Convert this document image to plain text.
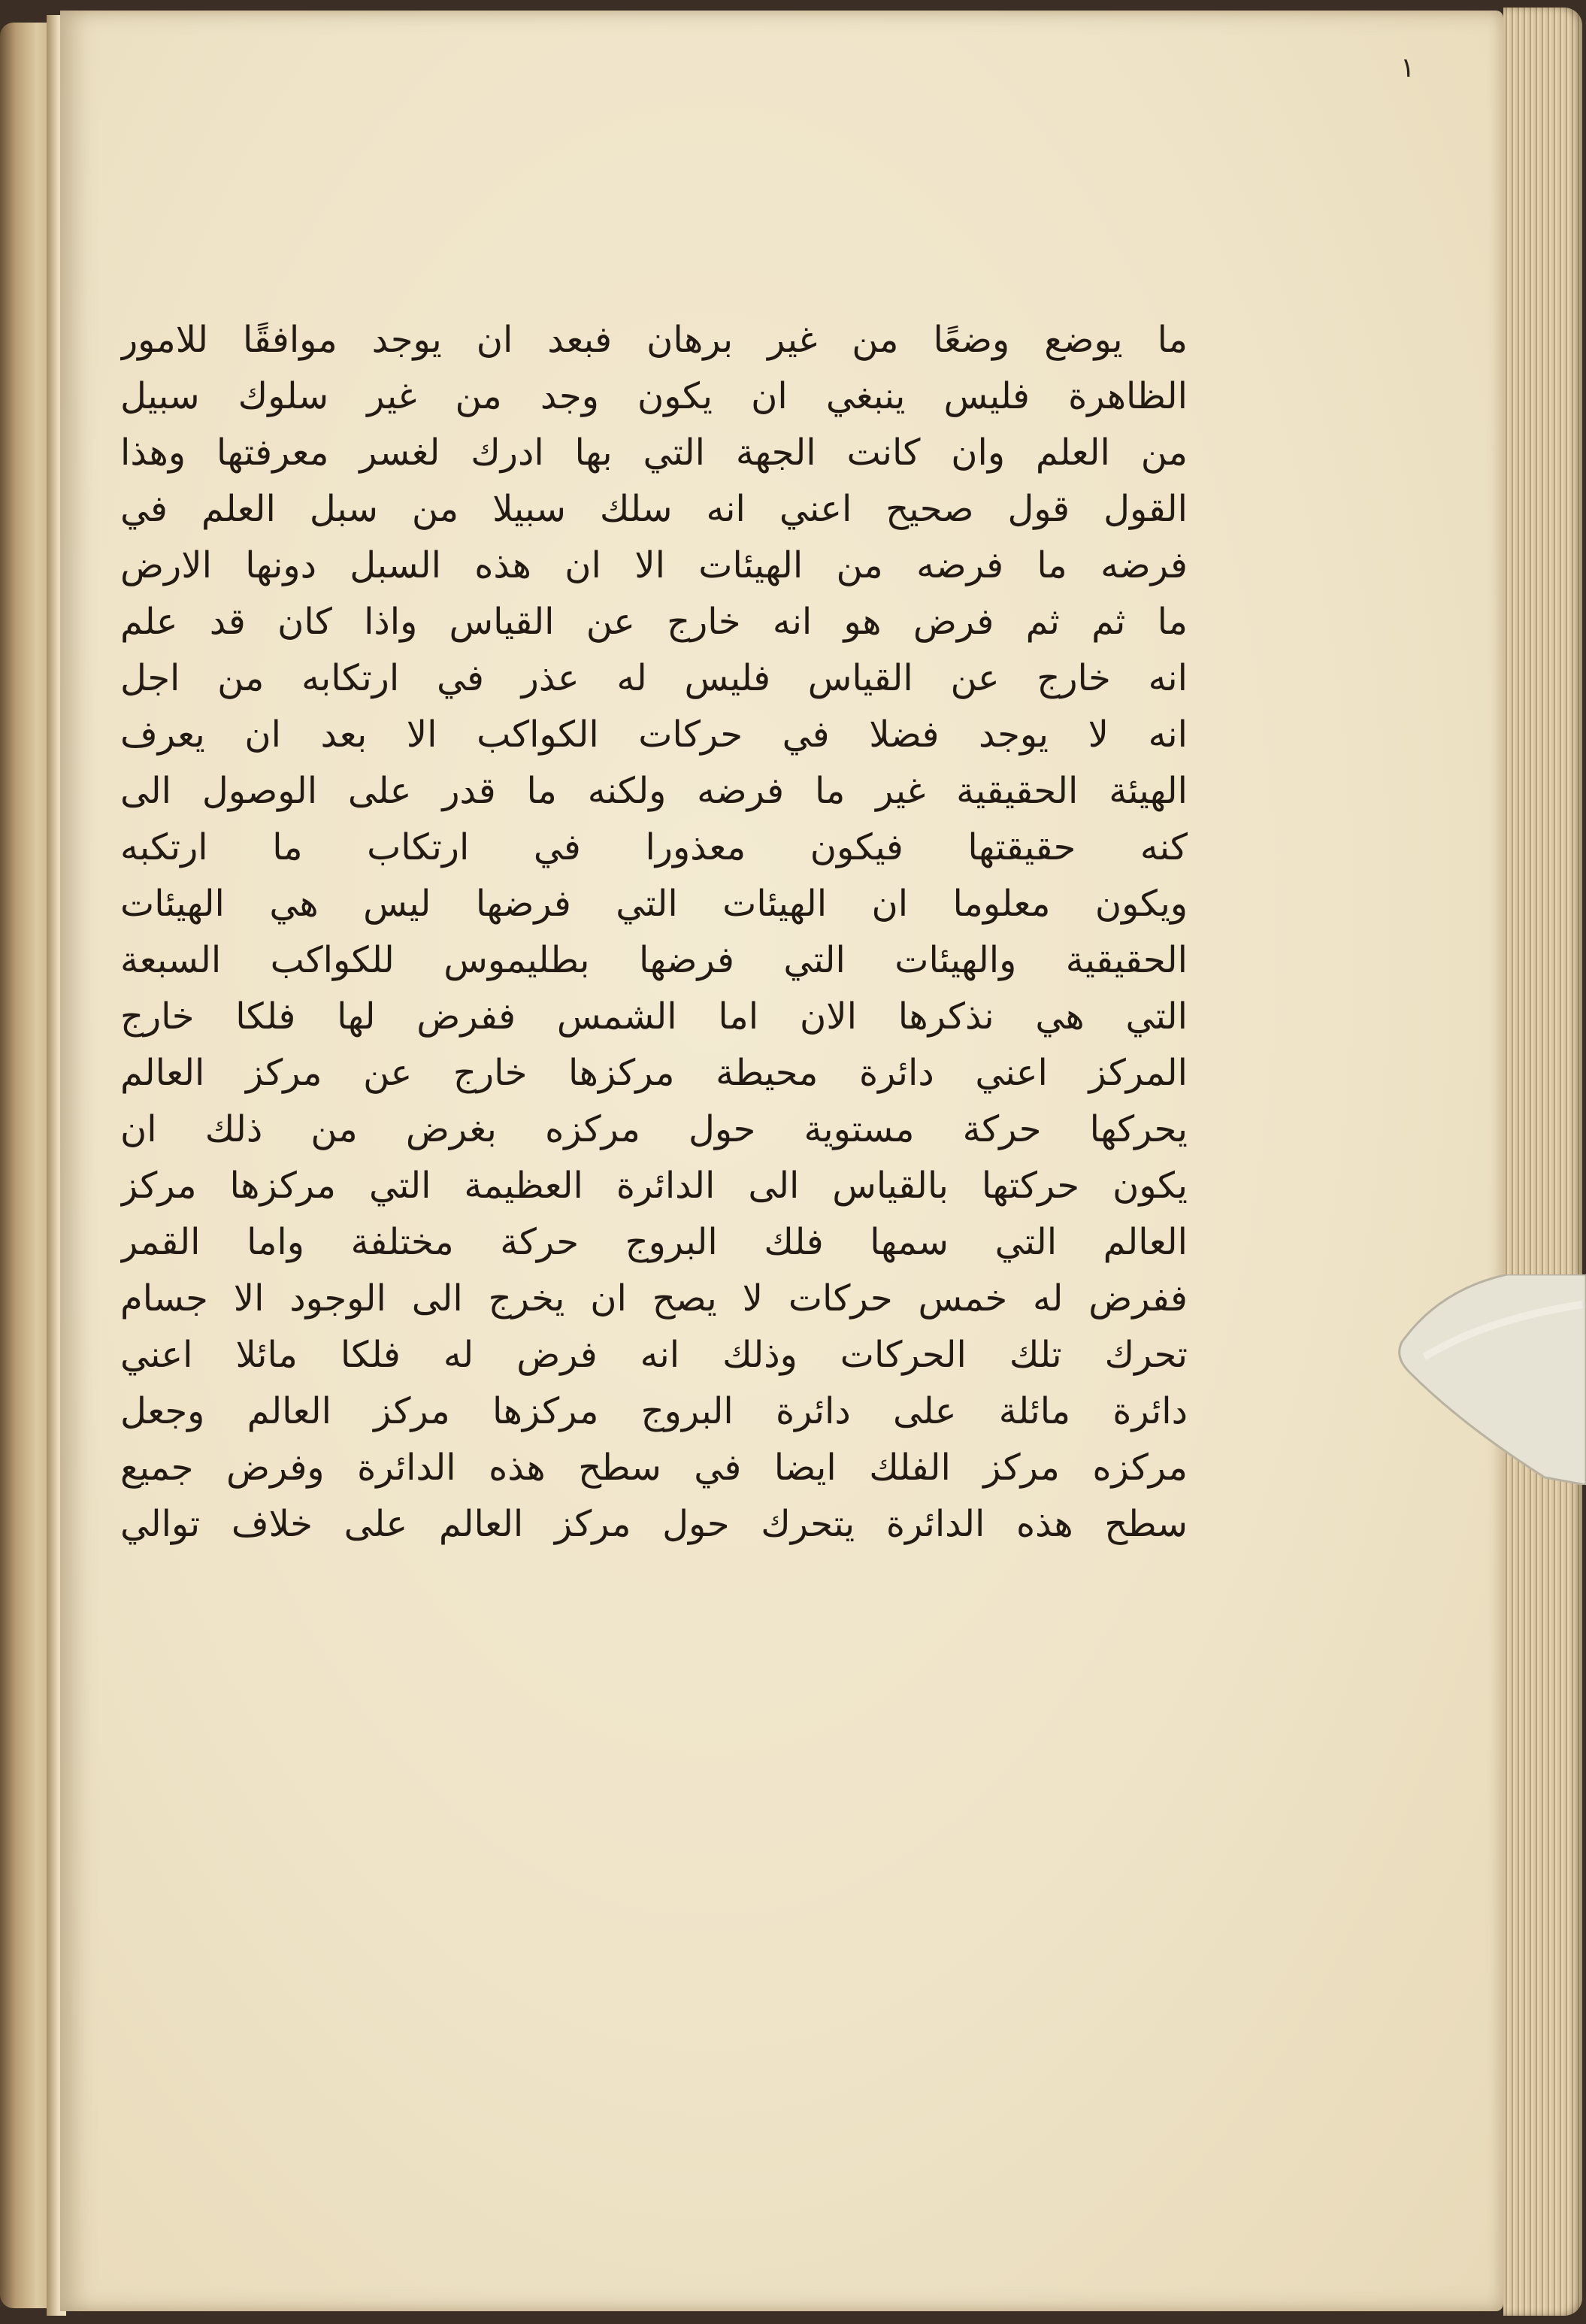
١
ما يوضع وضعًا من غير برهان فبعد ان يوجد موافقًا للامور
الظاهرة فليس ينبغي ان يكون وجد من غير سلوك سبيل
من العلم وان كانت الجهة التي بها ادرك لغسر معرفتها وهذا
القول قول صحيح اعني انه سلك سبيلا من سبل العلم في
فرضه ما فرضه من الهيئات الا ان هذه السبل دونها الارض
ما ثم ثم فرض هو انه خارج عن القياس واذا كان قد علم
انه خارج عن القياس فليس له عذر في ارتكابه من اجل
انه لا يوجد فضلا في حركات الكواكب الا بعد ان يعرف
الهيئة الحقيقية غير ما فرضه ولكنه ما قدر على الوصول الى
كنه حقيقتها فيكون معذورا في ارتكاب ما ارتكبه
ويكون معلوما ان الهيئات التي فرضها ليس هي الهيئات
الحقيقية والهيئات التي فرضها بطليموس للكواكب السبعة
التي هي نذكرها الان اما الشمس ففرض لها فلكا خارج
المركز اعني دائرة محيطة مركزها خارج عن مركز العالم
يحركها حركة مستوية حول مركزه بغرض من ذلك ان
يكون حركتها بالقياس الى الدائرة العظيمة التي مركزها مركز
العالم التي سمها فلك البروج حركة مختلفة واما القمر
ففرض له خمس حركات لا يصح ان يخرج الى الوجود الا جسام
تحرك تلك الحركات وذلك انه فرض له فلكا مائلا اعني
دائرة مائلة على دائرة البروج مركزها مركز العالم وجعل
مركزه مركز الفلك ايضا في سطح هذه الدائرة وفرض جميع
سطح هذه الدائرة يتحرك حول مركز العالم على خلاف توالي
